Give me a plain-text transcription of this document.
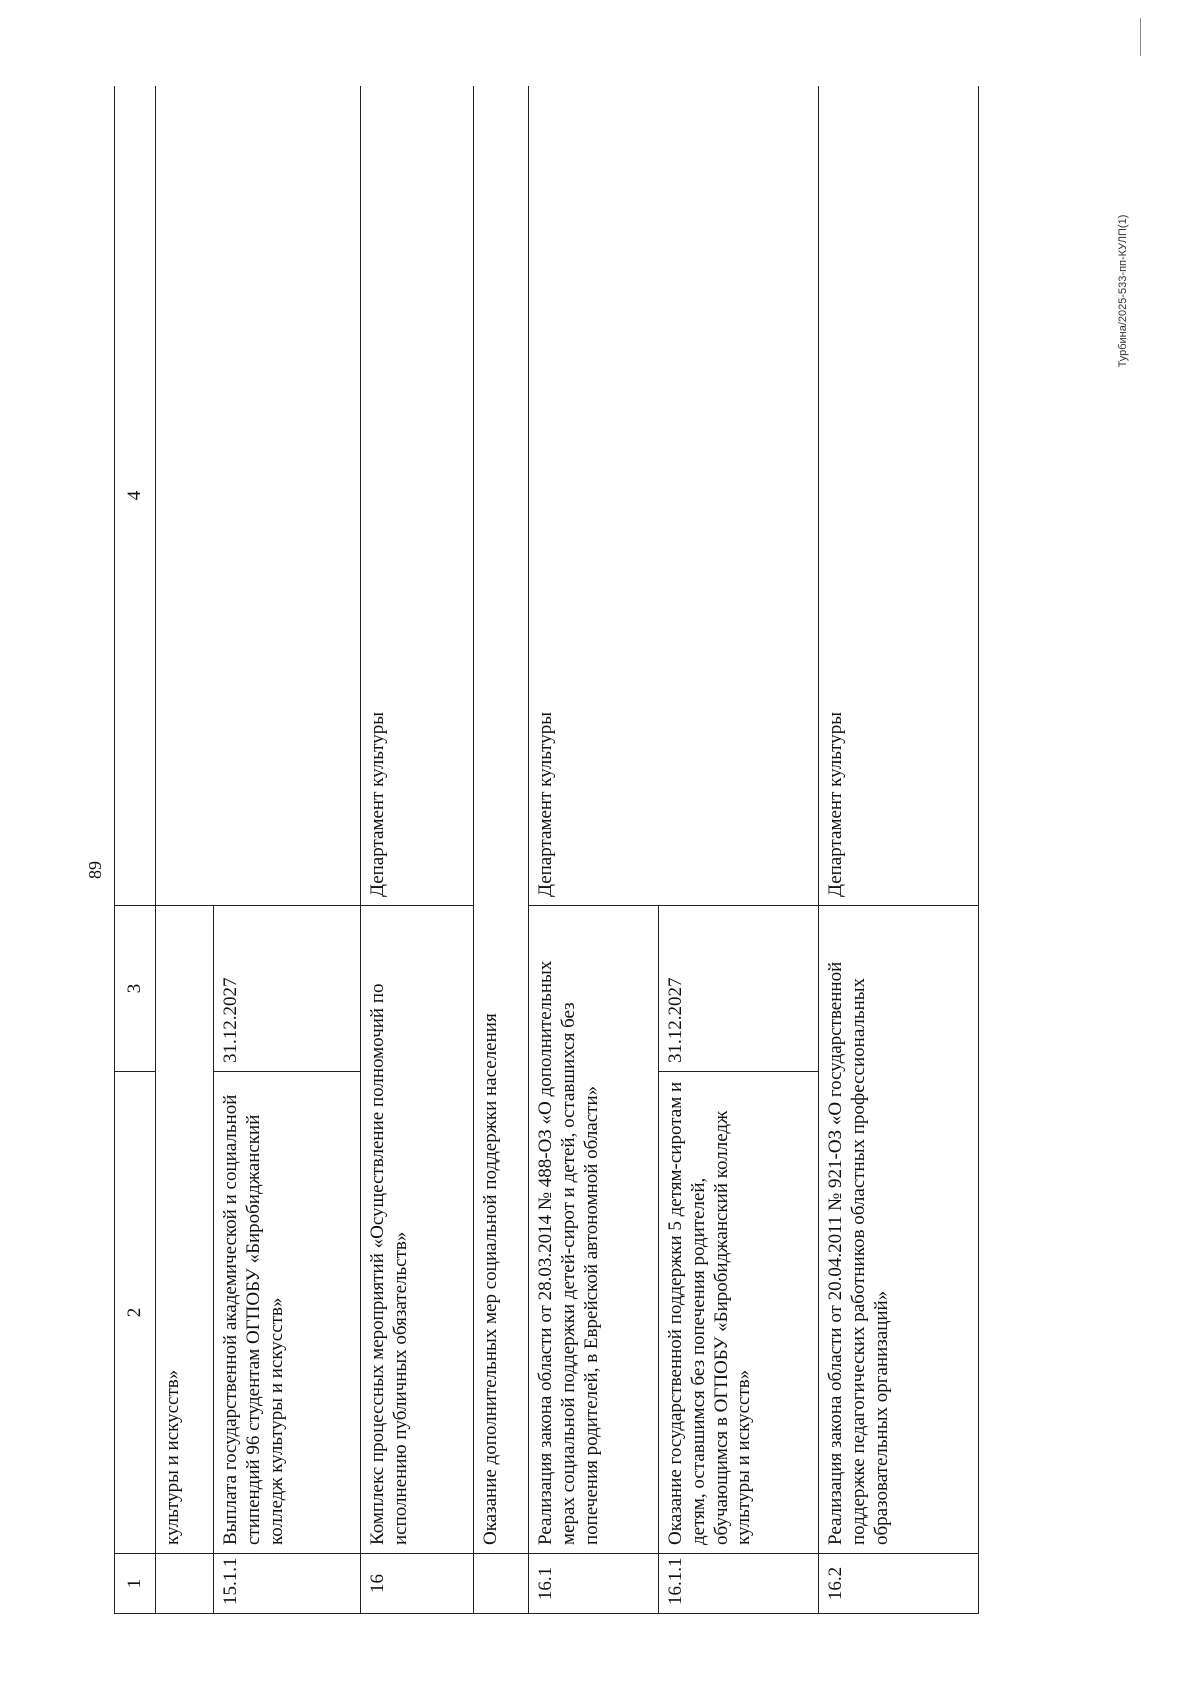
89
Турбина/2025-533-пп-КУЛП(1)
1	2	3	4
	культуры и искусств»		
15.1.1	Выплата государственной академической и социальной стипендий 96 студентам ОГПОБУ «Биробиджанский колледж культуры и искусств»	31.12.2027	
16	Комплекс процессных мероприятий «Осуществление полномочий по исполнению публичных обязательств»		Департамент культуры
	Оказание дополнительных мер социальной поддержки населения		
16.1	Реализация закона области от 28.03.2014 № 488-ОЗ «О дополнительных мерах социальной поддержки детей-сирот и детей, оставшихся без попечения родителей, в Еврейской автономной области»		Департамент культуры
16.1.1	Оказание государственной поддержки 5 детям-сиротам и детям, оставшимся без попечения родителей, обучающимся в ОГПОБУ «Биробиджанский колледж культуры и искусств»	31.12.2027	
16.2	Реализация закона области от 20.04.2011 № 921-ОЗ «О государственной поддержке педагогических работников областных профессиональных образовательных организаций»		Департамент культуры
